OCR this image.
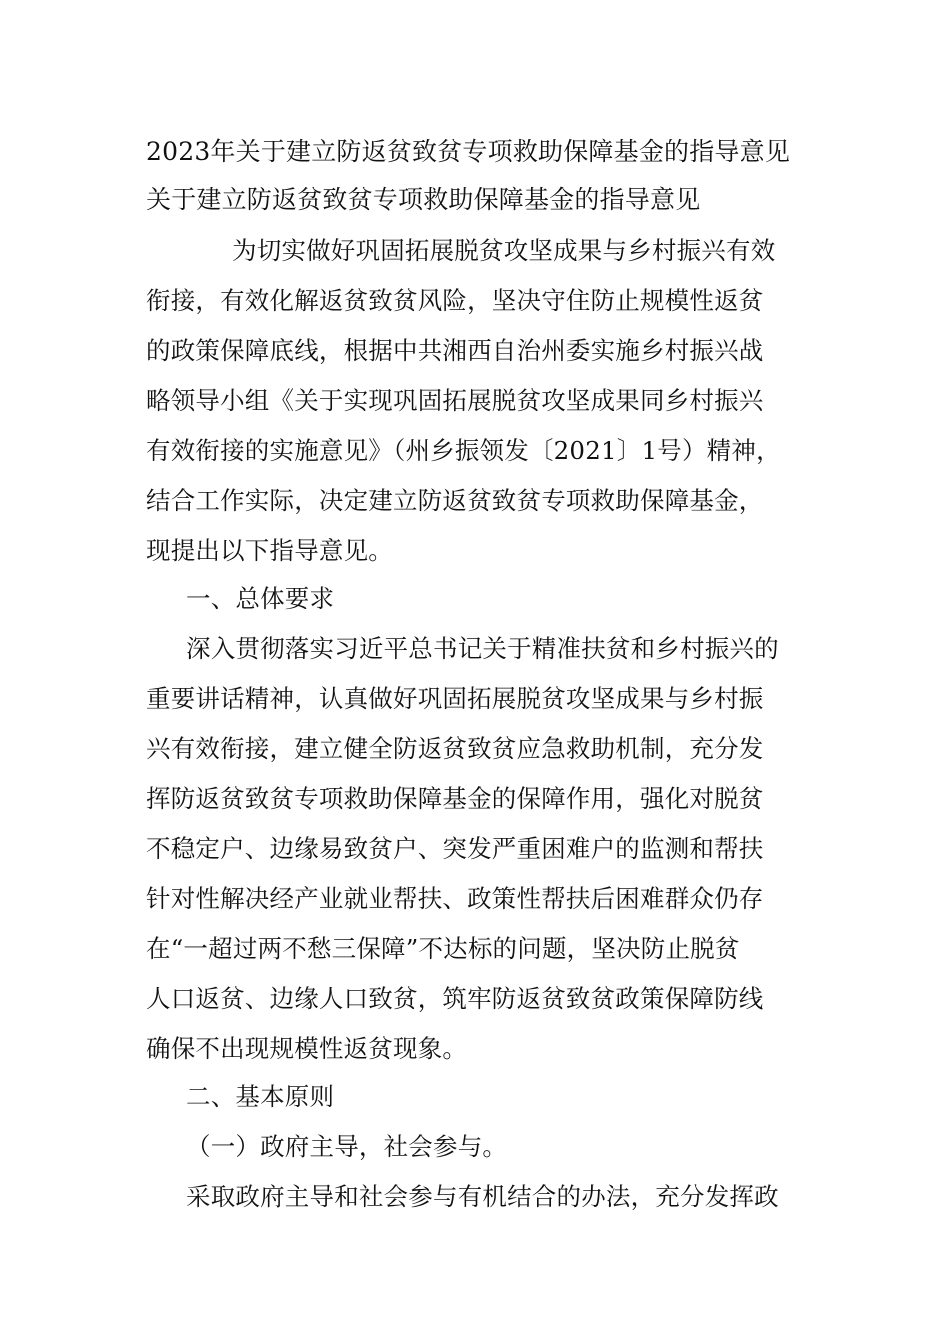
2023年关于建立防返贫致贫专项救助保障基金的指导意见
关于建立防返贫致贫专项救助保障基金的指导意见
为切实做好巩固拓展脱贫攻坚成果与乡村振兴有效
衔接，有效化解返贫致贫风险，坚决守住防止规模性返贫
的政策保障底线，根据中共湘西自治州委实施乡村振兴战
略领导小组《关于实现巩固拓展脱贫攻坚成果同乡村振兴
有效衔接的实施意见》（州乡振领发〔2021〕1号）精神，
结合工作实际，决定建立防返贫致贫专项救助保障基金，
现提出以下指导意见。
一、总体要求
深入贯彻落实习近平总书记关于精准扶贫和乡村振兴的
重要讲话精神，认真做好巩固拓展脱贫攻坚成果与乡村振
兴有效衔接，建立健全防返贫致贫应急救助机制，充分发
挥防返贫致贫专项救助保障基金的保障作用，强化对脱贫
不稳定户、边缘易致贫户、突发严重困难户的监测和帮扶
针对性解决经产业就业帮扶、政策性帮扶后困难群众仍存
在“一超过两不愁三保障”不达标的问题，坚决防止脱贫
人口返贫、边缘人口致贫，筑牢防返贫致贫政策保障防线
确保不出现规模性返贫现象。
二、基本原则
（一）政府主导，社会参与。
采取政府主导和社会参与有机结合的办法，充分发挥政
